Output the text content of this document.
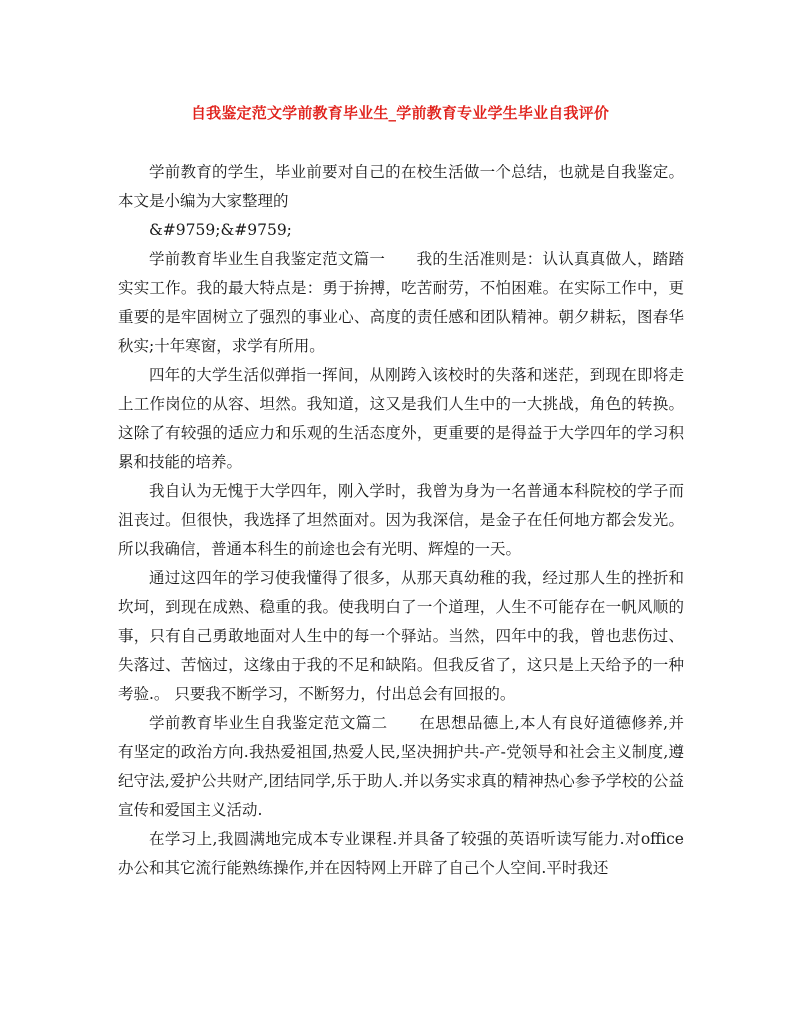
自我鉴定范文学前教育毕业生_学前教育专业学生毕业自我评价

学前教育的学生，毕业前要对自己的在校生活做一个总结，也就是自我鉴定。本文是小编为大家整理的

&#9759;&#9759;

学前教育毕业生自我鉴定范文篇一　　我的生活准则是：认认真真做人，踏踏实实工作。我的最大特点是：勇于拚搏，吃苦耐劳，不怕困难。在实际工作中，更重要的是牢固树立了强烈的事业心、高度的责任感和团队精神。朝夕耕耘，图春华秋实;十年寒窗，求学有所用。

四年的大学生活似弹指一挥间，从刚跨入该校时的失落和迷茫，到现在即将走上工作岗位的从容、坦然。我知道，这又是我们人生中的一大挑战，角色的转换。这除了有较强的适应力和乐观的生活态度外，更重要的是得益于大学四年的学习积累和技能的培养。

我自认为无愧于大学四年，刚入学时，我曾为身为一名普通本科院校的学子而沮丧过。但很快，我选择了坦然面对。因为我深信，是金子在任何地方都会发光。所以我确信，普通本科生的前途也会有光明、辉煌的一天。

通过这四年的学习使我懂得了很多，从那天真幼稚的我，经过那人生的挫折和坎坷，到现在成熟、稳重的我。使我明白了一个道理，人生不可能存在一帆风顺的事，只有自己勇敢地面对人生中的每一个驿站。当然，四年中的我，曾也悲伤过、失落过、苦恼过，这缘由于我的不足和缺陷。但我反省了，这只是上天给予的一种考验.。 只要我不断学习，不断努力，付出总会有回报的。

学前教育毕业生自我鉴定范文篇二　　在思想品德上,本人有良好道德修养,并有坚定的政治方向.我热爱祖国,热爱人民,坚决拥护共-产-党领导和社会主义制度,遵纪守法,爱护公共财产,团结同学,乐于助人.并以务实求真的精神热心参予学校的公益宣传和爱国主义活动.

在学习上,我圆满地完成本专业课程.并具备了较强的英语听读写能力.对office办公和其它流行能熟练操作,并在因特网上开辟了自己个人空间.平时我还
